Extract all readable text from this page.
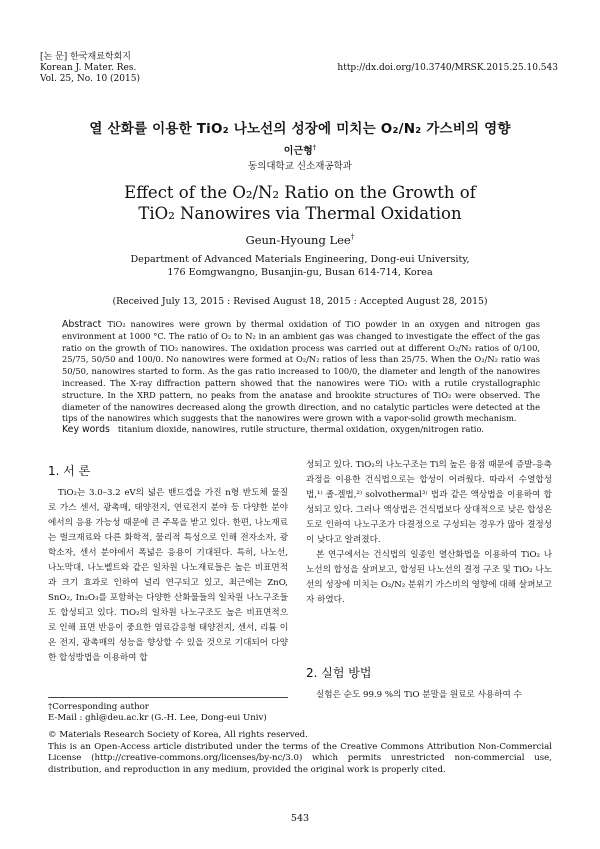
[논 문] 한국재료학회지
Korean J. Mater. Res.
Vol. 25, No. 10 (2015)
http://dx.doi.org/10.3740/MRSK.2015.25.10.543
열 산화를 이용한 TiO₂ 나노선의 성장에 미치는 O₂/N₂ 가스비의 영향
이근형†
동의대학교 신소재공학과
Effect of the O₂/N₂ Ratio on the Growth of
TiO₂ Nanowires via Thermal Oxidation
Geun-Hyoung Lee†
Department of Advanced Materials Engineering, Dong-eui University,
176 Eomgwangno, Busanjin-gu, Busan 614-714, Korea
(Received July 13, 2015 : Revised August 18, 2015 : Accepted August 28, 2015)
Abstract TiO₂ nanowires were grown by thermal oxidation of TiO powder in an oxygen and nitrogen gas environment at 1000 °C. The ratio of O₂ to N₂ in an ambient gas was changed to investigate the effect of the gas ratio on the growth of TiO₂ nanowires. The oxidation process was carried out at different O₂/N₂ ratios of 0/100, 25/75, 50/50 and 100/0. No nanowires were formed at O₂/N₂ ratios of less than 25/75. When the O₂/N₂ ratio was 50/50, nanowires started to form. As the gas ratio increased to 100/0, the diameter and length of the nanowires increased. The X-ray diffraction pattern showed that the nanowires were TiO₂ with a rutile crystallographic structure. In the XRD pattern, no peaks from the anatase and brookite structures of TiO₂ were observed. The diameter of the nanowires decreased along the growth direction, and no catalytic particles were detected at the tips of the nanowires which suggests that the nanowires were grown with a vapor-solid growth mechanism.
Key words titanium dioxide, nanowires, rutile structure, thermal oxidation, oxygen/nitrogen ratio.
1. 서 론

TiO₂는 3.0–3.2 eV의 넓은 밴드갭을 가진 n형 반도체 물질로 가스 센서, 광촉매, 태양전지, 연료전지 분야 등 다양한 분야에서의 응용 가능성 때문에 큰 주목을 받고 있다. 한편, 나노재료는 벌크재료와 다른 화학적, 물리적 특성으로 인해 전자소자, 광학소자, 센서 분야에서 폭넓은 응용이 기대된다. 특히, 나노선, 나노막대, 나노벨트와 같은 일차원 나노재료들은 높은 비표면적과 크기 효과로 인하여 널리 연구되고 있고, 최근에는 ZnO, SnO₂, In₂O₃를 포함하는 다양한 산화물들의 일차원 나노구조들도 합성되고 있다. TiO₂의 일차원 나노구조도 높은 비표면적으로 인해 표면 반응이 중요한 염료감응형 태양전지, 센서, 리튬 이온 전지, 광촉매의 성능을 향상할 수 있을 것으로 기대되어 다양한 합성방법을 이용하여 합

성되고 있다. TiO₂의 나노구조는 Ti의 높은 융점 때문에 증발-응축 과정을 이용한 건식법으로는 합성이 어려웠다. 따라서 수열합성법,¹⁾ 졸-겔법,²⁾ solvothermal³⁾ 법과 같은 액상법을 이용하여 합성되고 있다. 그러나 액상법은 건식법보다 상대적으로 낮은 합성온도로 인하여 나노구조가 다결정으로 구성되는 경우가 많아 결정성이 낮다고 알려졌다.

본 연구에서는 건식법의 일종인 열산화법을 이용하여 TiO₂ 나노선의 합성을 살펴보고, 합성된 나노선의 결정 구조 및 TiO₂ 나노선의 성장에 미치는 O₂/N₂ 분위기 가스비의 영향에 대해 살펴보고자 하였다.

2. 실험 방법

실험은 순도 99.9 %의 TiO 분말을 원료로 사용하여 수

†Corresponding author
E-Mail : ghl@deu.ac.kr (G.-H. Lee, Dong-eui Univ)
© Materials Research Society of Korea, All rights reserved.
This is an Open-Access article distributed under the terms of the Creative Commons Attribution Non-Commercial License (http://creative-commons.org/licenses/by-nc/3.0) which permits unrestricted non-commercial use, distribution, and reproduction in any medium, provided the original work is properly cited.
543
